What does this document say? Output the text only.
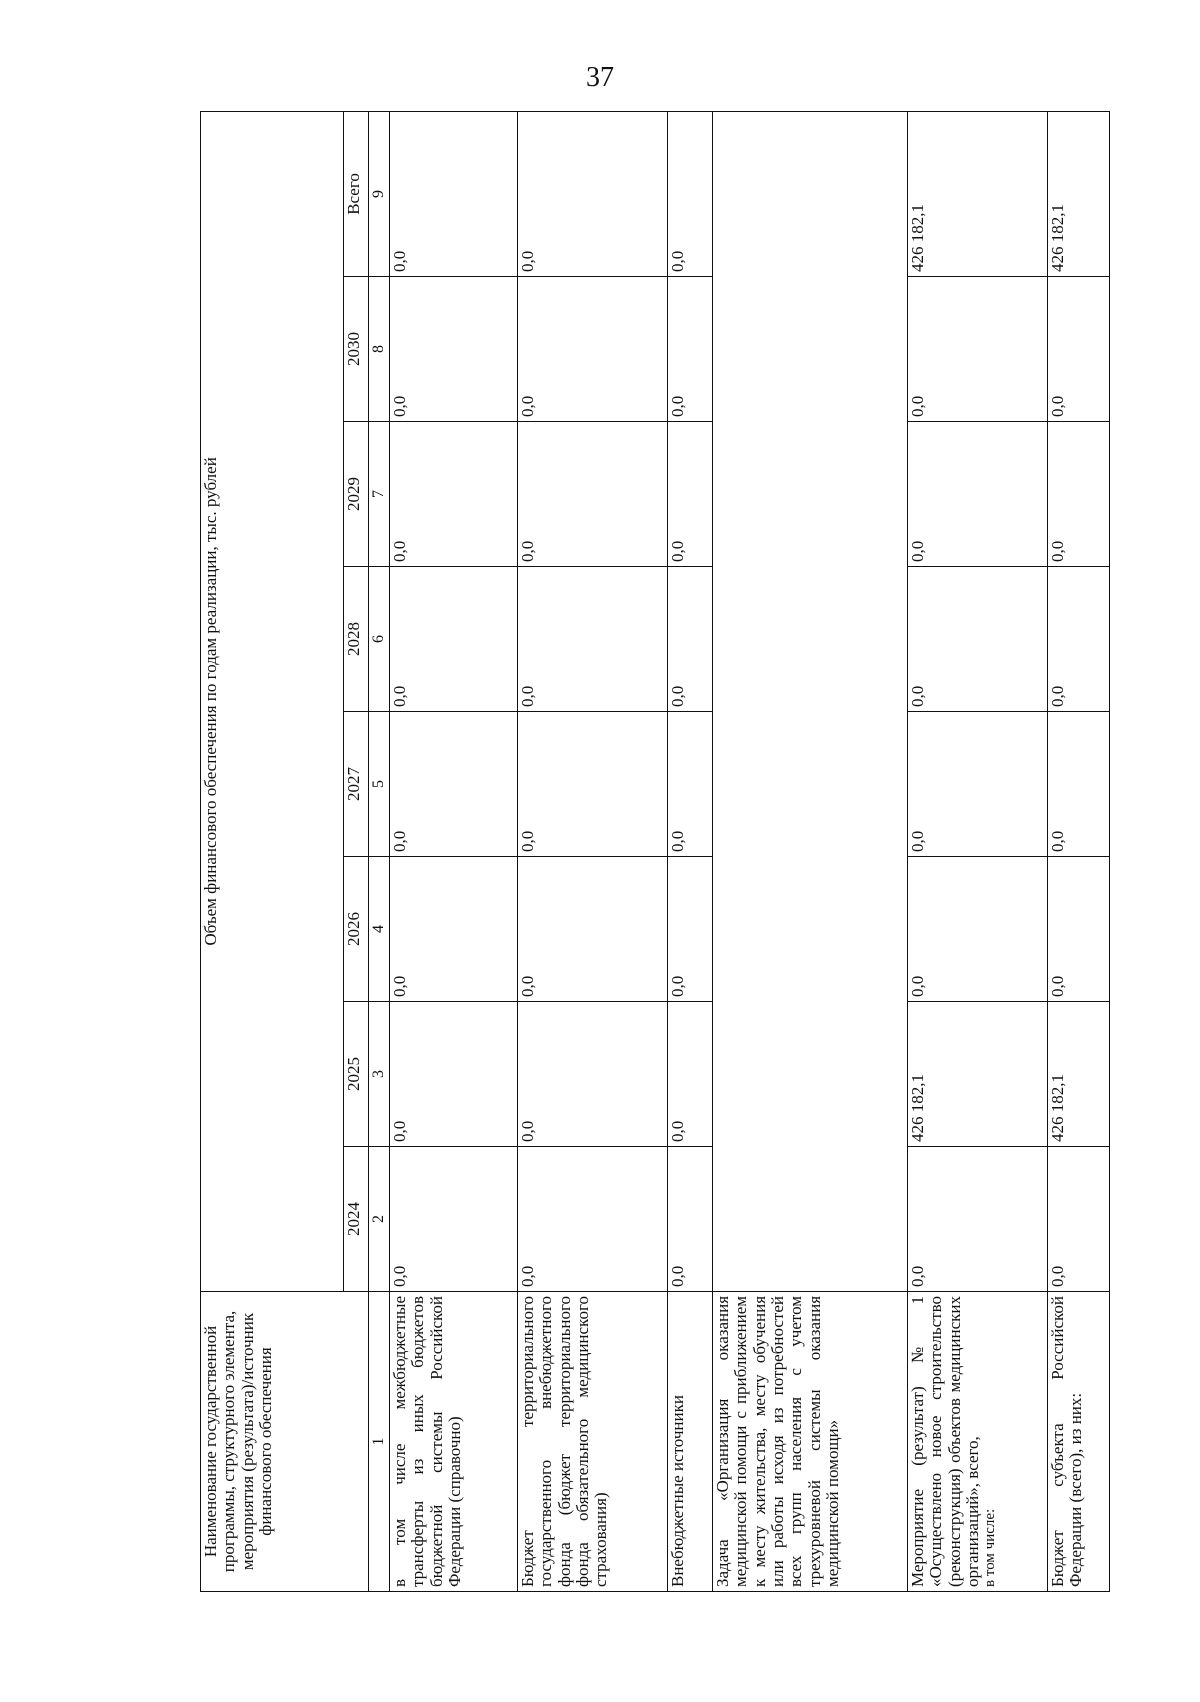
37
Наименование государственной программы, структурного элемента, мероприятия (результата)/источник финансового обеспечения	Объем финансового обеспечения по годам реализации, тыс. рублей							
	2024	2025	2026	2027	2028	2029	2030	Всего
1	2	3	4	5	6	7	8	9
в том числе межбюджетные трансферты из иных бюджетов бюджетной системы Российской Федерации (справочно)	0,0	0,0	0,0	0,0	0,0	0,0	0,0	0,0
Бюджет территориального государственного внебюджетного фонда (бюджет территориального фонда обязательного медицинского страхования)	0,0	0,0	0,0	0,0	0,0	0,0	0,0	0,0
Внебюджетные источники	0,0	0,0	0,0	0,0	0,0	0,0	0,0	0,0
Задача «Организация оказания медицинской помощи с приближением к месту жительства, месту обучения или работы исходя из потребностей всех групп населения с учетом трехуровневой системы оказания медицинской помощи»								
Мероприятие (результат) № 1 «Осуществлено новое строительство (реконструкция) объектов медицинских организаций», всего, в том числе:	0,0	426 182,1	0,0	0,0	0,0	0,0	0,0	426 182,1
Бюджет субъекта Российской Федерации (всего), из них:	0,0	426 182,1	0,0	0,0	0,0	0,0	0,0	426 182,1
